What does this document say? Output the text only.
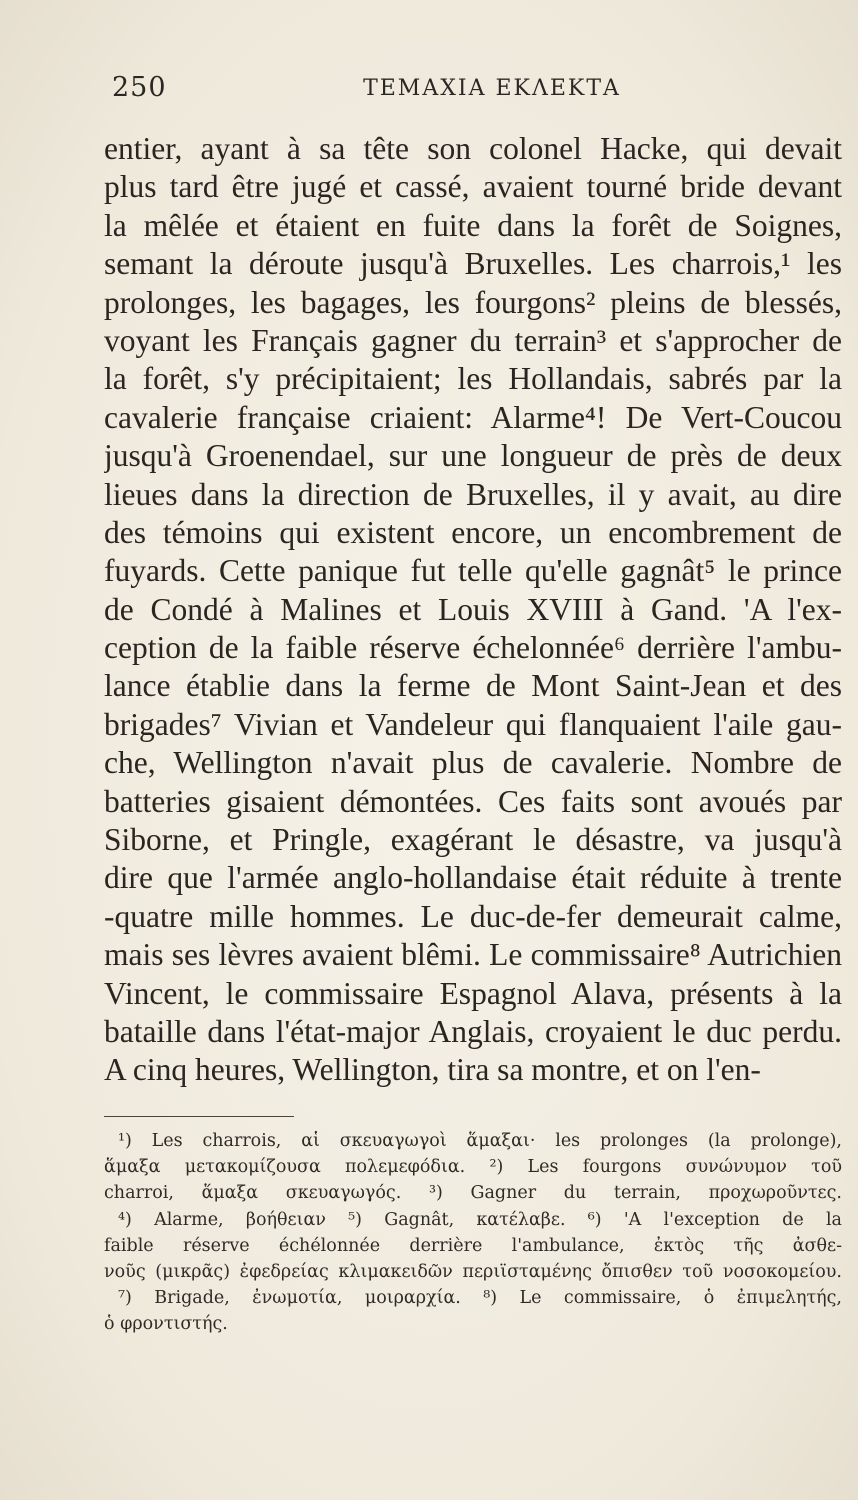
250	ΤΕΜΑΧΙΑ ΕΚΛΕΚΤΑ
entier, ayant à sa tête son colonel Hacke, qui devait
plus tard être jugé et cassé, avaient tourné bride devant
la mêlée et étaient en fuite dans la forêt de Soignes,
semant la déroute jusqu'à Bruxelles. Les charrois,¹ les
prolonges, les bagages, les fourgons² pleins de blessés,
voyant les Français gagner du terrain³ et s'approcher de
la forêt, s'y précipitaient; les Hollandais, sabrés par la
cavalerie française criaient: Alarme⁴! De Vert-Coucou
jusqu'à Groenendael, sur une longueur de près de deux
lieues dans la direction de Bruxelles, il y avait, au dire
des témoins qui existent encore, un encombrement de
fuyards. Cette panique fut telle qu'elle gagnât⁵ le prince
de Condé à Malines et Louis XVIII à Gand. 'A l'ex-
ception de la faible réserve échelonnée⁶ derrière l'ambu-
lance établie dans la ferme de Mont Saint-Jean et des
brigades⁷ Vivian et Vandeleur qui flanquaient l'aile gau-
che, Wellington n'avait plus de cavalerie. Nombre de
batteries gisaient démontées. Ces faits sont avoués par
Siborne, et Pringle, exagérant le désastre, va jusqu'à
dire que l'armée anglo-hollandaise était réduite à trente
-quatre mille hommes. Le duc-de-fer demeurait calme,
mais ses lèvres avaient blêmi. Le commissaire⁸ Autrichien
Vincent, le commissaire Espagnol Alava, présents à la
bataille dans l'état-major Anglais, croyaient le duc perdu.
A cinq heures, Wellington, tira sa montre, et on l'en-
¹) Les charrois, αἱ σκευαγωγοὶ ἅμαξαι· les prolonges (la prolonge),
ἅμαξα μετακομίζουσα πολεμεφόδια. ²) Les fourgons συνώνυμον τοῦ
charroi, ἅμαξα σκευαγωγός. ³) Gagner du terrain, προχωροῦντες.
⁴) Alarme, βοήθειαν ⁵) Gagnât, κατέλαβε. ⁶) 'A l'exception de la
faible réserve échélonnée derrière l'ambulance, ἐκτὸς τῆς ἀσθε-
νοῦς (μικρᾶς) ἐφεδρείας κλιμακειδῶν περιϊσταμένης ὄπισθεν τοῦ νοσοκομείου.
⁷) Brigade, ἐνωμοτία, μοιραρχία. ⁸) Le commissaire, ὁ ἐπιμελητής,
ὁ φροντιστής.
